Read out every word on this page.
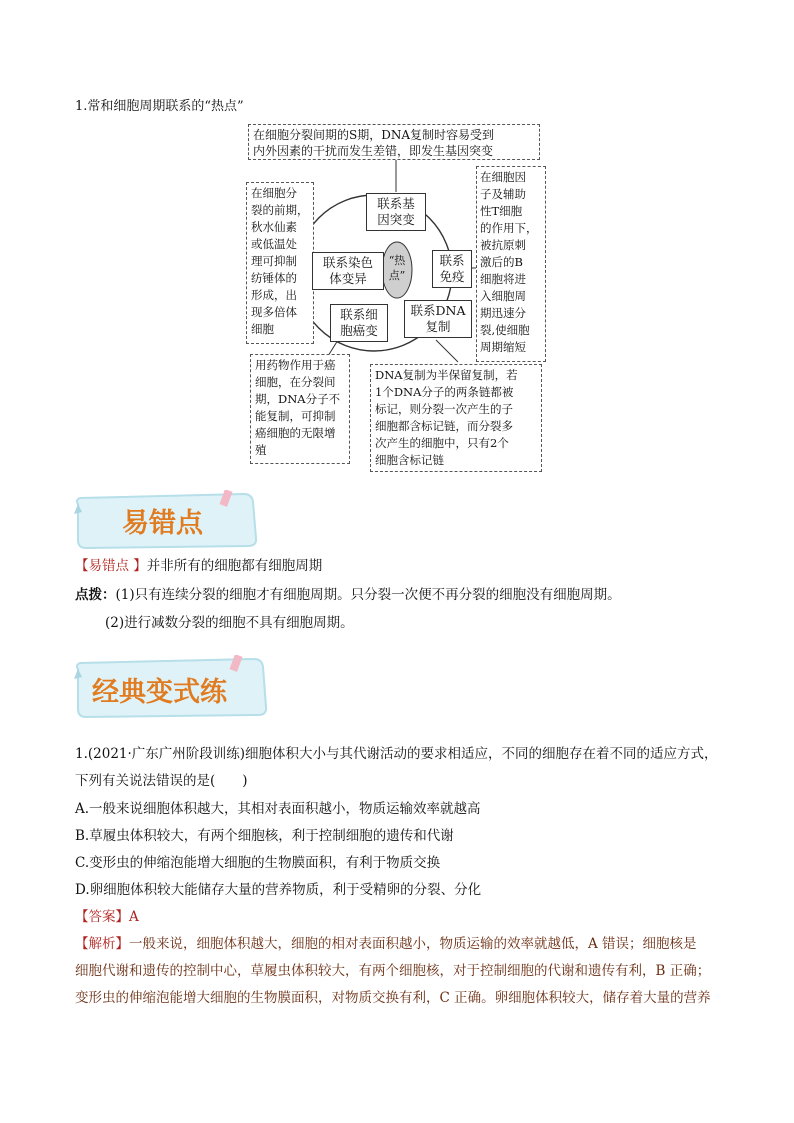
1.常和细胞周期联系的“热点”
在细胞分裂间期的S期，DNA复制时容易受到
内外因素的干扰而发生差错，即发生基因突变
在细胞分
裂的前期，
秋水仙素
或低温处
理可抑制
纺锤体的
形成，出
现多倍体
细胞
在细胞因
子及辅助
性T细胞
的作用下，
被抗原刺
激后的B
细胞将进
入细胞周
期迅速分
裂,使细胞
周期缩短
用药物作用于癌
细胞，在分裂间
期，DNA分子不
能复制，可抑制
癌细胞的无限增
殖
DNA复制为半保留复制，若
1个DNA分子的两条链都被
标记，则分裂一次产生的子
细胞都含标记链，而分裂多
次产生的细胞中，只有2个
细胞含标记链
联系基
因突变
联系染色
体变异
联系
免疫
联系细
胞癌变
联系DNA
复制
“热
点”
易错点
【易错点 】并非所有的细胞都有细胞周期
点拨：(1)只有连续分裂的细胞才有细胞周期。只分裂一次便不再分裂的细胞没有细胞周期。
(2)进行减数分裂的细胞不具有细胞周期。
经典变式练
1.(2021·广东广州阶段训练)细胞体积大小与其代谢活动的要求相适应，不同的细胞存在着不同的适应方式，
下列有关说法错误的是(　　)
A.一般来说细胞体积越大，其相对表面积越小，物质运输效率就越高
B.草履虫体积较大，有两个细胞核，利于控制细胞的遗传和代谢
C.变形虫的伸缩泡能增大细胞的生物膜面积，有利于物质交换
D.卵细胞体积较大能储存大量的营养物质，利于受精卵的分裂、分化
【答案】A
【解析】一般来说，细胞体积越大，细胞的相对表面积越小，物质运输的效率就越低，A 错误；细胞核是
细胞代谢和遗传的控制中心，草履虫体积较大，有两个细胞核，对于控制细胞的代谢和遗传有利，B 正确；
变形虫的伸缩泡能增大细胞的生物膜面积，对物质交换有利，C 正确。卵细胞体积较大，储存着大量的营养
